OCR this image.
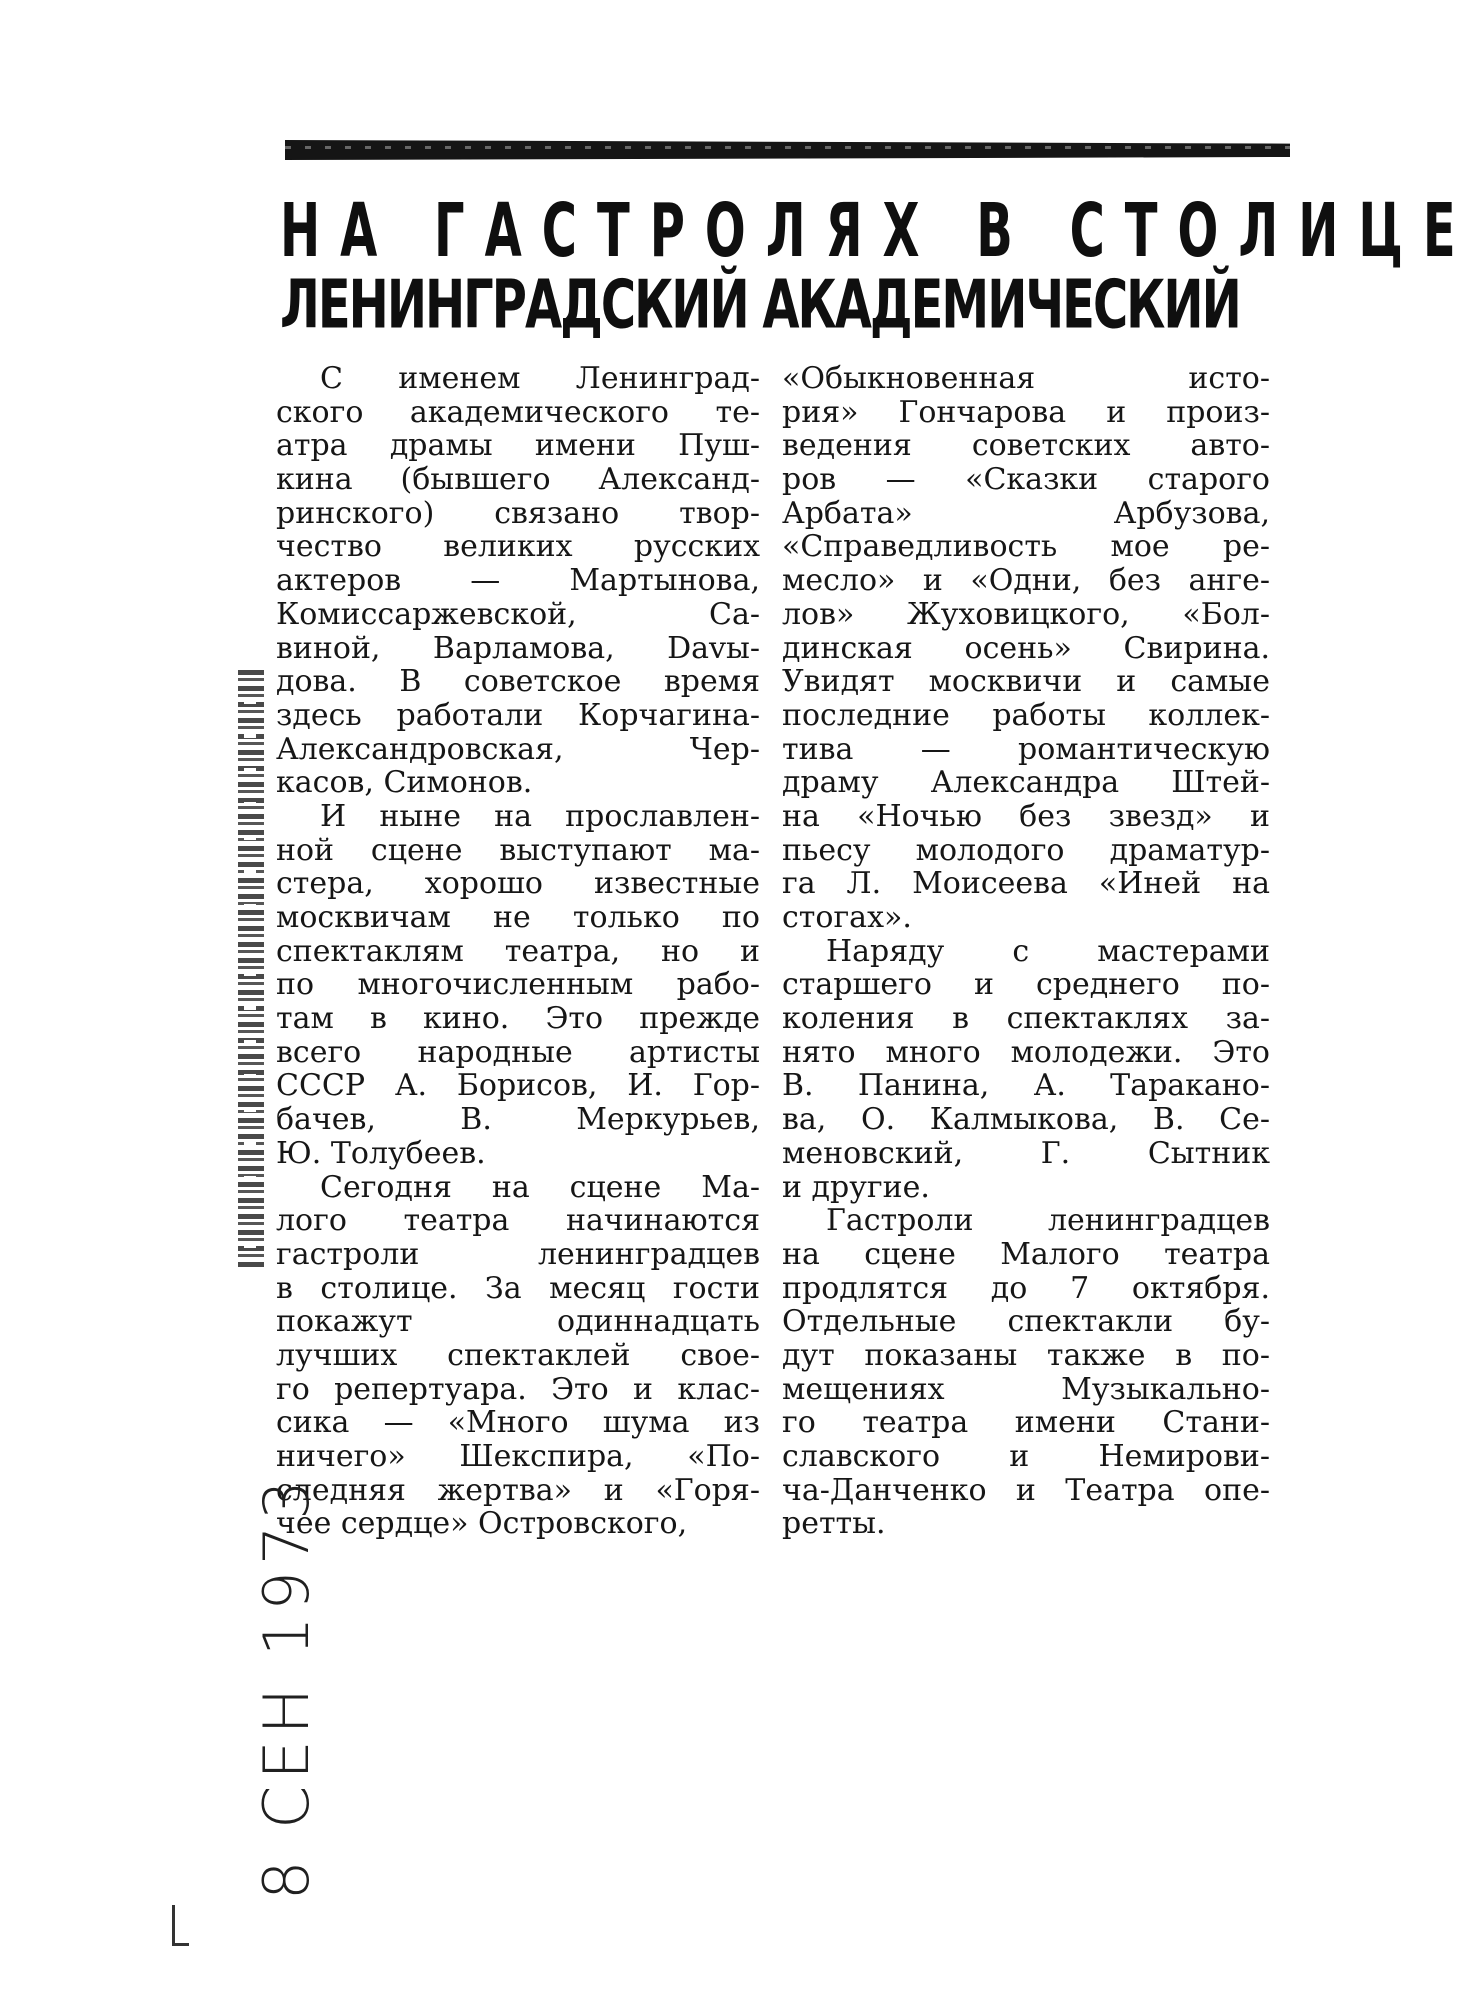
НА ГАСТРОЛЯХ В СТОЛИЦЕ
ЛЕНИНГРАДСКИЙ АКАДЕМИЧЕСКИЙ
С именем Ленинград-
ского академического те-
атра драмы имени Пуш-
кина (бывшего Александ-
ринского) связано твор-
чество великих русских
актеров — Мартынова,
Комиссаржевской, Са-
виной, Варламова, Davы-
дова. В советское время
здесь работали Корчагина-
Александровская, Чер-
касов, Симонов.
И ныне на прославлен-
ной сцене выступают ма-
стера, хорошо известные
москвичам не только по
спектаклям театра, но и
по многочисленным рабо-
там в кино. Это прежде
всего народные артисты
СССР А. Борисов, И. Гор-
бачев, В. Меркурьев,
Ю. Толубеев.
Сегодня на сцене Ма-
лого театра начинаются
гастроли ленинградцев
в столице. За месяц гости
покажут одиннадцать
лучших спектаклей свое-
го репертуара. Это и клас-
сика — «Много шума из
ничего» Шекспира, «По-
следняя жертва» и «Горя-
чее сердце» Островского,
«Обыкновенная исто-
рия» Гончарова и произ-
ведения советских авто-
ров — «Сказки старого
Арбата» Арбузова,
«Справедливость мое ре-
месло» и «Одни, без анге-
лов» Жуховицкого, «Бол-
динская осень» Свирина.
Увидят москвичи и самые
последние работы коллек-
тива — романтическую
драму Александра Штей-
на «Ночью без звезд» и
пьесу молодого драматур-
га Л. Моисеева «Иней на
стогах».
Наряду с мастерами
старшего и среднего по-
коления в спектаклях за-
нято много молодежи. Это
В. Панина, А. Таракано-
ва, О. Калмыкова, В. Се-
меновский, Г. Сытник
и другие.
Гастроли ленинградцев
на сцене Малого театра
продлятся до 7 октября.
Отдельные спектакли бу-
дут показаны также в по-
мещениях Музыкально-
го театра имени Стани-
славского и Немирови-
ча-Данченко и Театра опе-
ретты.

8 СЕН 1973
